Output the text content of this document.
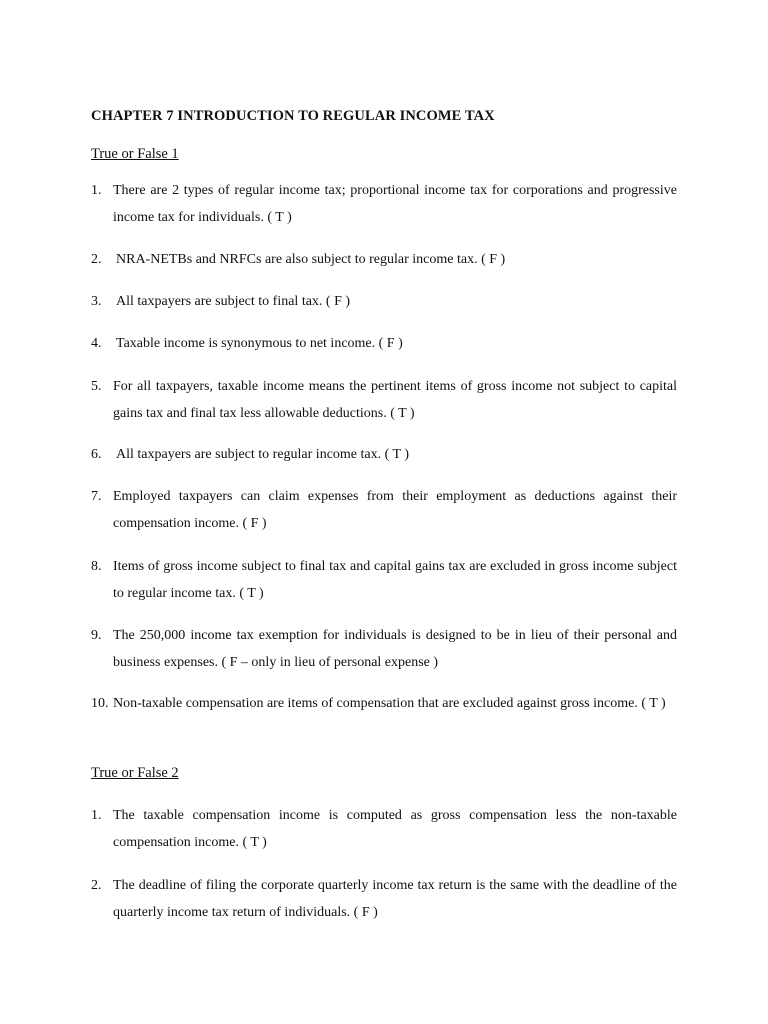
CHAPTER 7 INTRODUCTION TO REGULAR INCOME TAX
True or False 1
1. There are 2 types of regular income tax; proportional income tax for corporations and progressive income tax for individuals. ( T )
2. NRA-NETBs and NRFCs are also subject to regular income tax. ( F )
3. All taxpayers are subject to final tax. ( F )
4. Taxable income is synonymous to net income. ( F )
5. For all taxpayers, taxable income means the pertinent items of gross income not subject to capital gains tax and final tax less allowable deductions. ( T )
6. All taxpayers are subject to regular income tax. ( T )
7. Employed taxpayers can claim expenses from their employment as deductions against their compensation income. ( F )
8. Items of gross income subject to final tax and capital gains tax are excluded in gross income subject to regular income tax. ( T )
9. The 250,000 income tax exemption for individuals is designed to be in lieu of their personal and business expenses. ( F – only in lieu of personal expense )
10. Non-taxable compensation are items of compensation that are excluded against gross income. ( T )
True or False 2
1. The taxable compensation income is computed as gross compensation less the non-taxable compensation income. ( T )
2. The deadline of filing the corporate quarterly income tax return is the same with the deadline of the quarterly income tax return of individuals. ( F )
